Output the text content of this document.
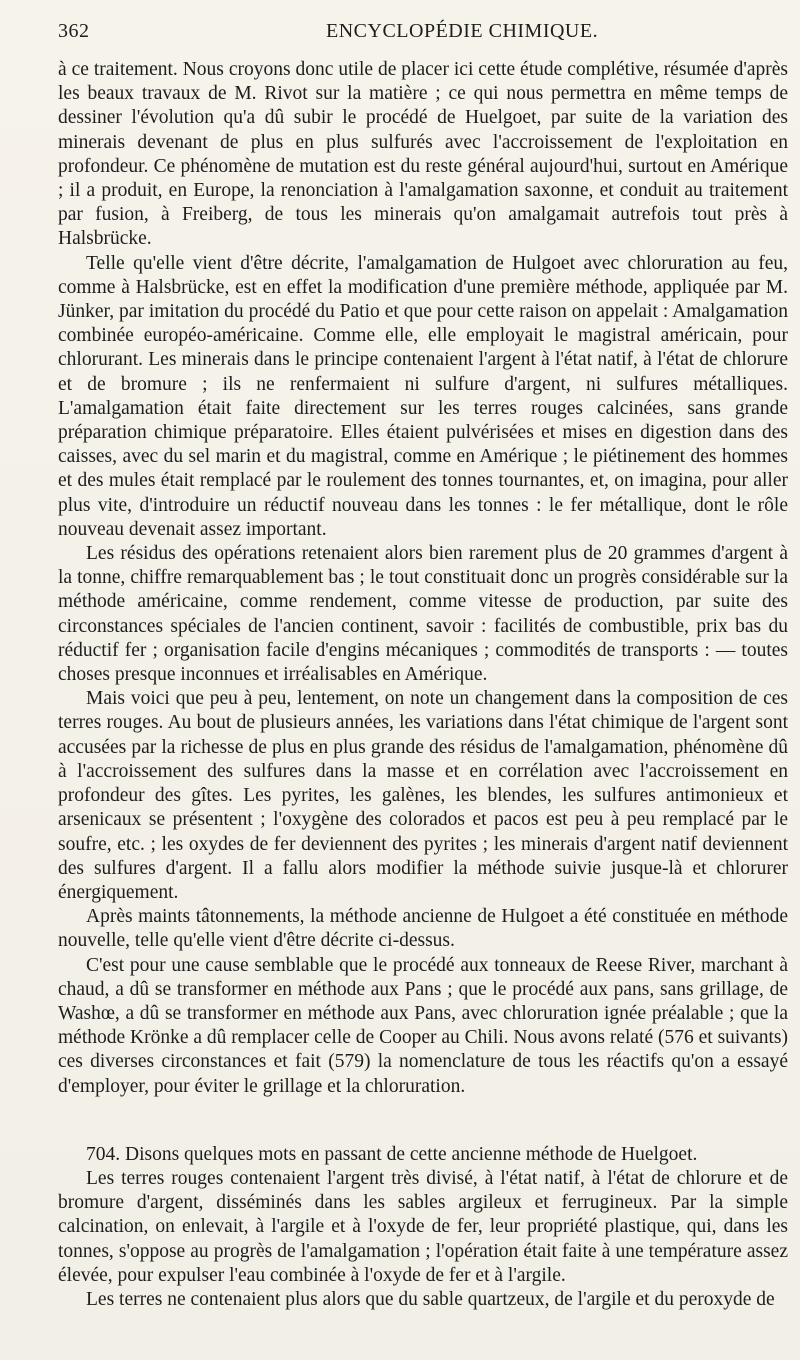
362	ENCYCLOPÉDIE CHIMIQUE.

à ce traitement. Nous croyons donc utile de placer ici cette étude complétive, résumée d'après les beaux travaux de M. Rivot sur la matière ; ce qui nous permettra en même temps de dessiner l'évolution qu'a dû subir le procédé de Huelgoet, par suite de la variation des minerais devenant de plus en plus sulfurés avec l'accroissement de l'exploitation en profondeur. Ce phénomène de mutation est du reste général aujourd'hui, surtout en Amérique ; il a produit, en Europe, la renonciation à l'amalgamation saxonne, et conduit au traitement par fusion, à Freiberg, de tous les minerais qu'on amalgamait autrefois tout près à Halsbrücke.

Telle qu'elle vient d'être décrite, l'amalgamation de Hulgoet avec chloruration au feu, comme à Halsbrücke, est en effet la modification d'une première méthode, appliquée par M. Jünker, par imitation du procédé du Patio et que pour cette raison on appelait : Amalgamation combinée européo-américaine. Comme elle, elle employait le magistral américain, pour chlorurant. Les minerais dans le principe contenaient l'argent à l'état natif, à l'état de chlorure et de bromure ; ils ne renfermaient ni sulfure d'argent, ni sulfures métalliques. L'amalgamation était faite directement sur les terres rouges calcinées, sans grande préparation chimique préparatoire. Elles étaient pulvérisées et mises en digestion dans des caisses, avec du sel marin et du magistral, comme en Amérique ; le piétinement des hommes et des mules était remplacé par le roulement des tonnes tournantes, et, on imagina, pour aller plus vite, d'introduire un réductif nouveau dans les tonnes : le fer métallique, dont le rôle nouveau devenait assez important.

Les résidus des opérations retenaient alors bien rarement plus de 20 grammes d'argent à la tonne, chiffre remarquablement bas ; le tout constituait donc un progrès considérable sur la méthode américaine, comme rendement, comme vitesse de production, par suite des circonstances spéciales de l'ancien continent, savoir : facilités de combustible, prix bas du réductif fer ; organisation facile d'engins mécaniques ; commodités de transports : — toutes choses presque inconnues et irréalisables en Amérique.

Mais voici que peu à peu, lentement, on note un changement dans la composition de ces terres rouges. Au bout de plusieurs années, les variations dans l'état chimique de l'argent sont accusées par la richesse de plus en plus grande des résidus de l'amalgamation, phénomène dû à l'accroissement des sulfures dans la masse et en corrélation avec l'accroissement en profondeur des gîtes. Les pyrites, les galènes, les blendes, les sulfures antimonieux et arsenicaux se présentent ; l'oxygène des colorados et pacos est peu à peu remplacé par le soufre, etc. ; les oxydes de fer deviennent des pyrites ; les minerais d'argent natif deviennent des sulfures d'argent. Il a fallu alors modifier la méthode suivie jusque-là et chlorurer énergiquement.

Après maints tâtonnements, la méthode ancienne de Hulgoet a été constituée en méthode nouvelle, telle qu'elle vient d'être décrite ci-dessus.

C'est pour une cause semblable que le procédé aux tonneaux de Reese River, marchant à chaud, a dû se transformer en méthode aux Pans ; que le procédé aux pans, sans grillage, de Washœ, a dû se transformer en méthode aux Pans, avec chloruration ignée préalable ; que la méthode Krönke a dû remplacer celle de Cooper au Chili. Nous avons relaté (576 et suivants) ces diverses circonstances et fait (579) la nomenclature de tous les réactifs qu'on a essayé d'employer, pour éviter le grillage et la chloruration.

704. Disons quelques mots en passant de cette ancienne méthode de Huelgoet.

Les terres rouges contenaient l'argent très divisé, à l'état natif, à l'état de chlorure et de bromure d'argent, disséminés dans les sables argileux et ferrugineux. Par la simple calcination, on enlevait, à l'argile et à l'oxyde de fer, leur propriété plastique, qui, dans les tonnes, s'oppose au progrès de l'amalgamation ; l'opération était faite à une température assez élevée, pour expulser l'eau combinée à l'oxyde de fer et à l'argile.

Les terres ne contenaient plus alors que du sable quartzeux, de l'argile et du peroxyde de
